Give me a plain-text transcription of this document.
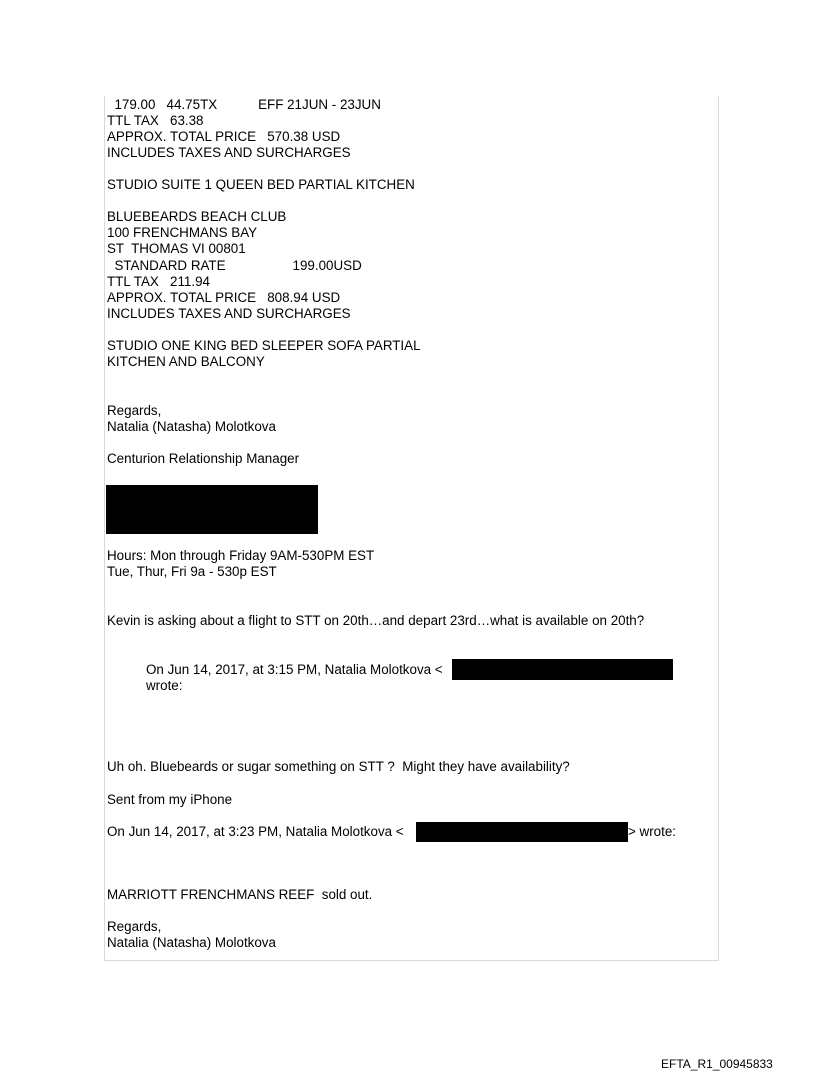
179.00   44.75TX           EFF 21JUN - 23JUN
TTL TAX   63.38
APPROX. TOTAL PRICE   570.38 USD
INCLUDES TAXES AND SURCHARGES
STUDIO SUITE 1 QUEEN BED PARTIAL KITCHEN
BLUEBEARDS BEACH CLUB
100 FRENCHMANS BAY
ST  THOMAS VI 00801
STANDARD RATE                  199.00USD
TTL TAX   211.94
APPROX. TOTAL PRICE   808.94 USD
INCLUDES TAXES AND SURCHARGES
STUDIO ONE KING BED SLEEPER SOFA PARTIAL
KITCHEN AND BALCONY
Regards,
Natalia (Natasha) Molotkova
Centurion Relationship Manager
Hours: Mon through Friday 9AM-530PM EST
Tue, Thur, Fri 9a - 530p EST
Kevin is asking about a flight to STT on 20th…and depart 23rd…what is available on 20th?
On Jun 14, 2017, at 3:15 PM, Natalia Molotkova <
wrote:
Uh oh. Bluebeards or sugar something on STT ?  Might they have availability?
Sent from my iPhone
On Jun 14, 2017, at 3:23 PM, Natalia Molotkova <	> wrote:
MARRIOTT FRENCHMANS REEF  sold out.
Regards,
Natalia (Natasha) Molotkova
EFTA_R1_00945833
